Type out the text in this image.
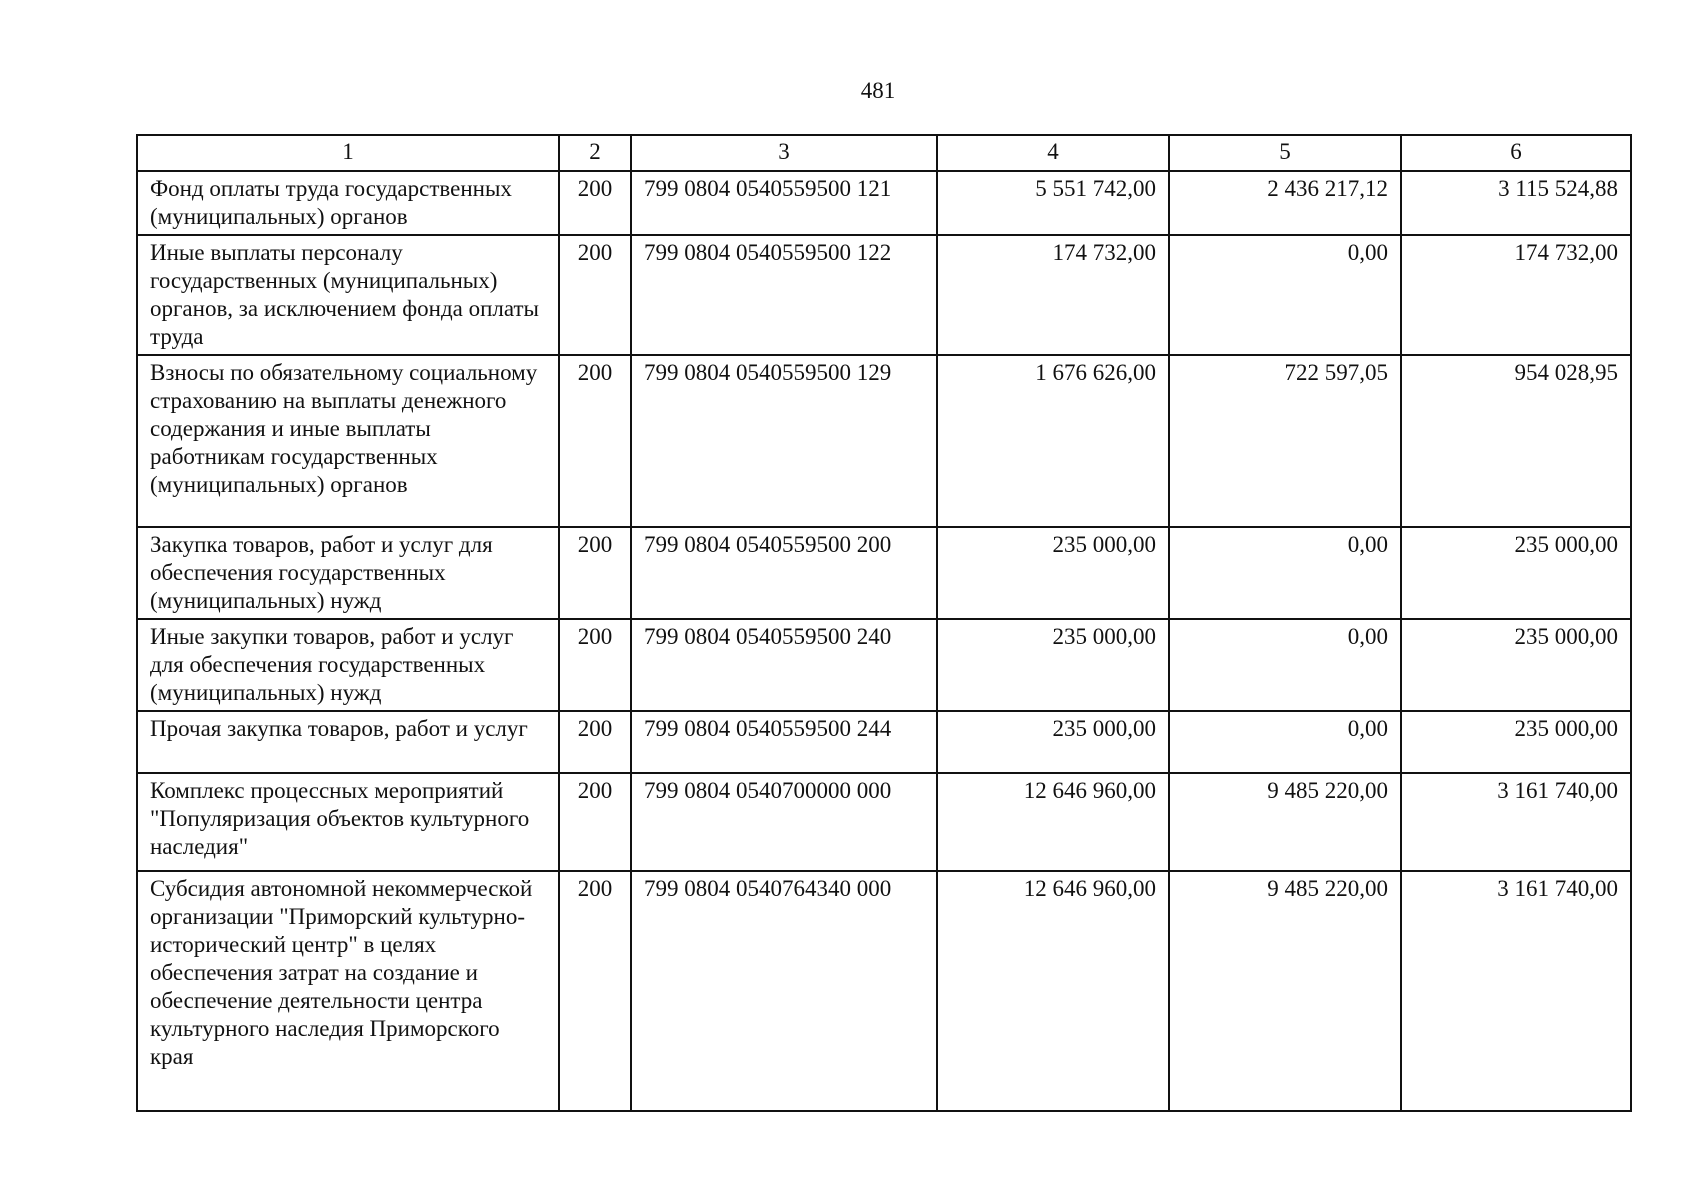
481
1	2	3	4	5	6
Фонд оплаты труда государственных (муниципальных) органов	200	799 0804 0540559500 121	5 551 742,00	2 436 217,12	3 115 524,88
Иные выплаты персоналу государственных (муниципальных) органов, за исключением фонда оплаты труда	200	799 0804 0540559500 122	174 732,00	0,00	174 732,00
Взносы по обязательному социальному страхованию на выплаты денежного содержания и иные выплаты работникам государственных (муниципальных) органов	200	799 0804 0540559500 129	1 676 626,00	722 597,05	954 028,95
Закупка товаров, работ и услуг для обеспечения государственных (муниципальных) нужд	200	799 0804 0540559500 200	235 000,00	0,00	235 000,00
Иные закупки товаров, работ и услуг для обеспечения государственных (муниципальных) нужд	200	799 0804 0540559500 240	235 000,00	0,00	235 000,00
Прочая закупка товаров, работ и услуг	200	799 0804 0540559500 244	235 000,00	0,00	235 000,00
Комплекс процессных мероприятий "Популяризация объектов культурного наследия"	200	799 0804 0540700000 000	12 646 960,00	9 485 220,00	3 161 740,00
Субсидия автономной некоммерческой организации "Приморский культурно-исторический центр" в целях обеспечения затрат на создание и обеспечение деятельности центра культурного наследия Приморского края	200	799 0804 0540764340 000	12 646 960,00	9 485 220,00	3 161 740,00
